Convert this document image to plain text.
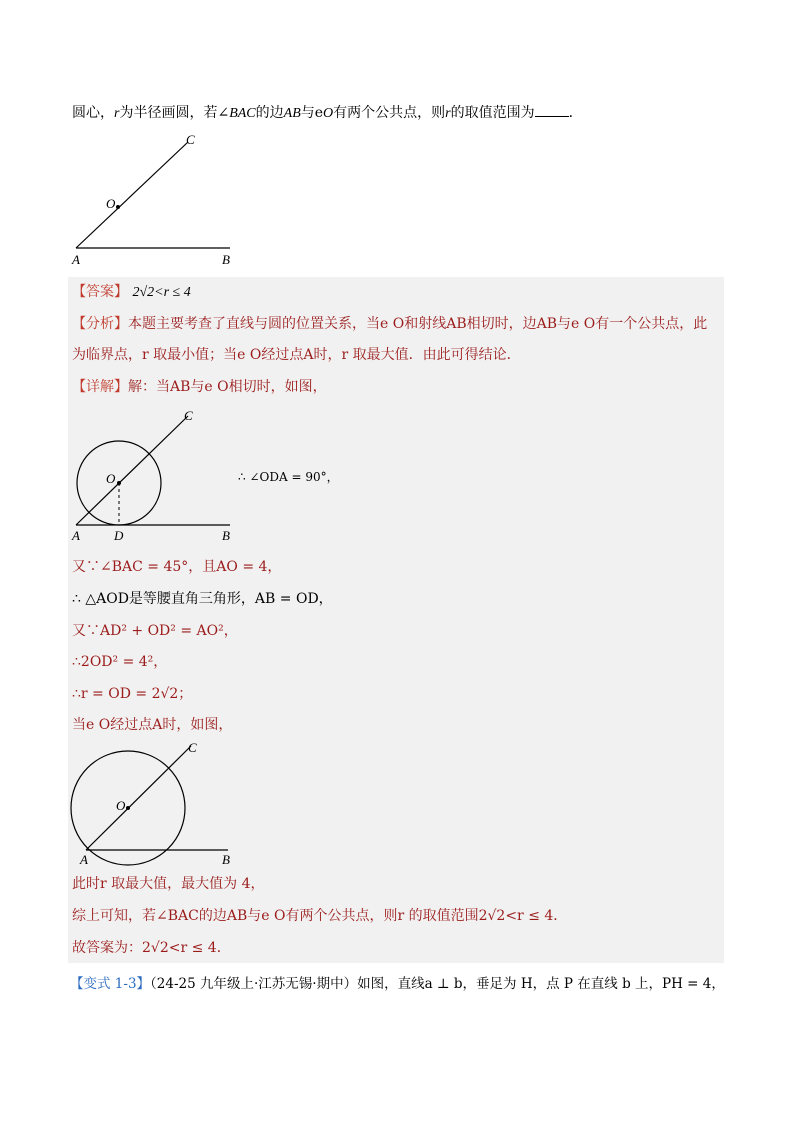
圆心，r为半径画圆，若∠BAC的边AB与eO有两个公共点，则r的取值范围为 ．
C
O
A	B
【答案】 2√2<r ≤ 4
【分析】本题主要考查了直线与圆的位置关系，当e O和射线AB相切时，边AB与e O有一个公共点，此
为临界点，r 取最小值；当e O经过点A时，r 取最大值．由此可得结论．
【详解】解：当AB与e O相切时，如图，
C
O
A	D	B
∴ ∠ODA = 90°，
又∵∠BAC = 45°，且AO = 4，
∴ △AOD是等腰直角三角形，AB = OD，
又∵AD² + OD² = AO²，
∴2OD² = 4²，
∴r = OD = 2√2；
当e O经过点A时，如图，
C
O
A	B
此时r 取最大值，最大值为 4，
综上可知，若∠BAC的边AB与e O有两个公共点，则r 的取值范围2√2<r ≤ 4．
故答案为：2√2<r ≤ 4．
【变式 1-3】（24-25 九年级上·江苏无锡·期中）如图，直线a ⊥ b，垂足为 H，点 P 在直线 b 上，PH = 4，
